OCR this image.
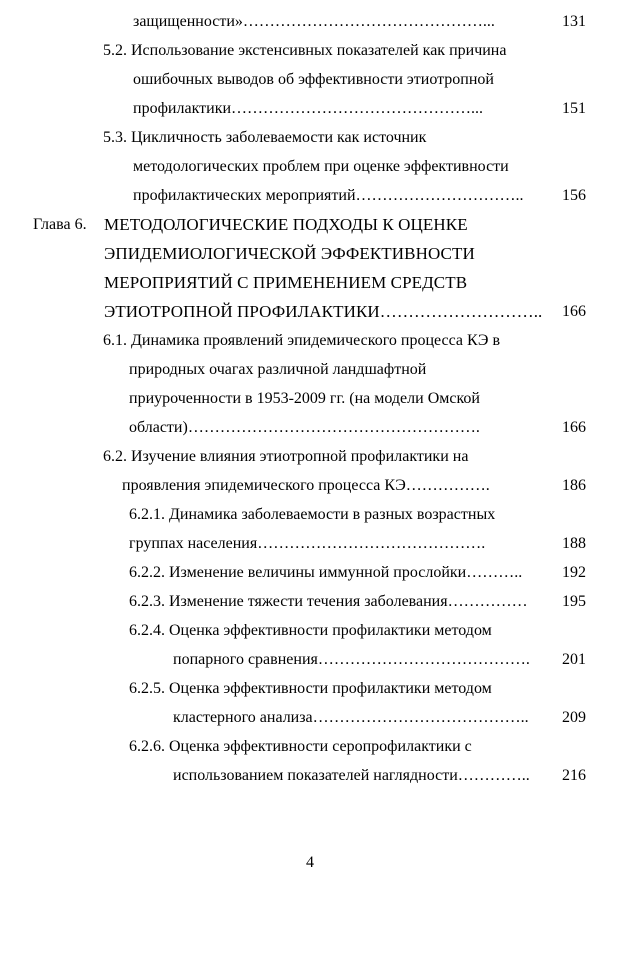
защищенности»………………………………………...	131
5.2. Использование экстенсивных показателей как причина
ошибочных выводов об эффективности этиотропной
профилактики………………………………………...	151
5.3. Цикличность заболеваемости как источник
методологических проблем при оценке эффективности
профилактических мероприятий…………………………..	156
Глава 6. МЕТОДОЛОГИЧЕСКИЕ ПОДХОДЫ К ОЦЕНКЕ
ЭПИДЕМИОЛОГИЧЕСКОЙ ЭФФЕКТИВНОСТИ
МЕРОПРИЯТИЙ С ПРИМЕНЕНИЕМ СРЕДСТВ
ЭТИОТРОПНОЙ ПРОФИЛАКТИКИ………………………..	166
6.1. Динамика проявлений эпидемического процесса КЭ в
природных очагах различной ландшафтной
приуроченности в 1953-2009 гг. (на модели Омской
области)……………………………………………….	166
6.2. Изучение влияния этиотропной профилактики на
проявления эпидемического процесса КЭ…………….	186
6.2.1. Динамика заболеваемости в разных возрастных
группах населения…………………………………….	188
6.2.2. Изменение величины иммунной прослойки………..	192
6.2.3. Изменение тяжести течения заболевания……………	195
6.2.4. Оценка эффективности профилактики методом
попарного сравнения………………………………….	201
6.2.5. Оценка эффективности профилактики методом
кластерного анализа…………………………………..	209
6.2.6. Оценка эффективности серопрофилактики с
использованием показателей наглядности…………..	216
4
